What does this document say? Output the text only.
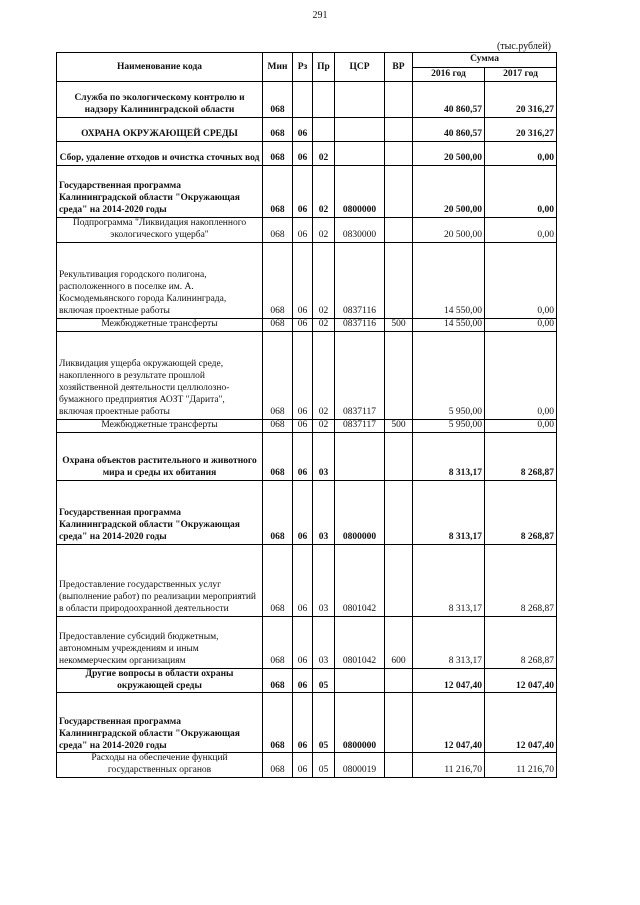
291
(тыс.рублей)
Наименование кода	Мин	Рз	Пр	ЦСР	ВР	Сумма	
						2016 год	2017 год
Служба по экологическому контролю и надзору Калининградской области	068					40 860,57	20 316,27
ОХРАНА ОКРУЖАЮЩЕЙ СРЕДЫ	068	06				40 860,57	20 316,27
Сбор, удаление отходов и очистка сточных вод	068	06	02			20 500,00	0,00
Государственная программа Калининградской области "Окружающая среда" на 2014-2020 годы	068	06	02	0800000		20 500,00	0,00
Подпрограмма "Ликвидация накопленного экологического ущерба"	068	06	02	0830000		20 500,00	0,00
Рекультивация городского полигона, расположенного в поселке им. А. Космодемьянского города Калининграда, включая проектные работы	068	06	02	0837116		14 550,00	0,00
Межбюджетные трансферты	068	06	02	0837116	500	14 550,00	0,00
Ликвидация ущерба окружающей среде, накопленного в результате прошлой хозяйственной деятельности целлюлозно-бумажного предприятия АОЗТ "Дарита", включая проектные работы	068	06	02	0837117		5 950,00	0,00
Межбюджетные трансферты	068	06	02	0837117	500	5 950,00	0,00
Охрана объектов растительного и животного мира и среды их обитания	068	06	03			8 313,17	8 268,87
Государственная программа Калининградской области "Окружающая среда" на 2014-2020 годы	068	06	03	0800000		8 313,17	8 268,87
Предоставление государственных услуг (выполнение работ) по реализации мероприятий в области природоохранной деятельности	068	06	03	0801042		8 313,17	8 268,87
Предоставление субсидий бюджетным, автономным учреждениям и иным некоммерческим организациям	068	06	03	0801042	600	8 313,17	8 268,87
Другие вопросы в области охраны окружающей среды	068	06	05			12 047,40	12 047,40
Государственная программа Калининградской области "Окружающая среда" на 2014-2020 годы	068	06	05	0800000		12 047,40	12 047,40
Расходы на обеспечение функций государственных органов	068	06	05	0800019		11 216,70	11 216,70
